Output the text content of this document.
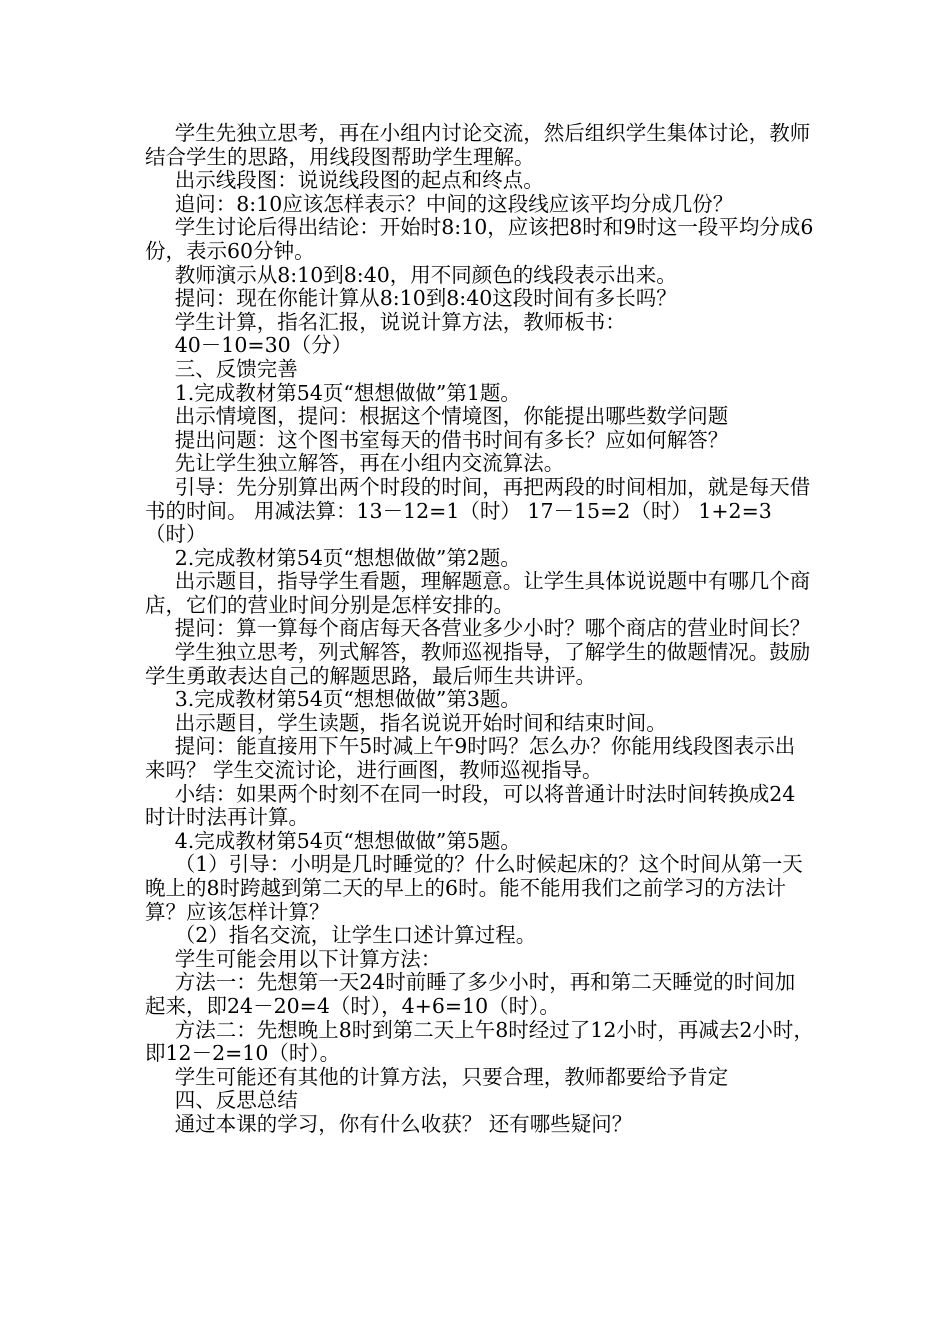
学生先独立思考，再在小组内讨论交流，然后组织学生集体讨论，教师结合学生的思路，用线段图帮助学生理解。

出示线段图：说说线段图的起点和终点。

追问：8:10应该怎样表示？中间的这段线应该平均分成几份？

学生讨论后得出结论：开始时8:10，应该把8时和9时这一段平均分成6份，表示60分钟。

教师演示从8:10到8:40，用不同颜色的线段表示出来。

提问：现在你能计算从8:10到8:40这段时间有多长吗？

学生计算，指名汇报，说说计算方法，教师板书：

40－10=30（分）

三、反馈完善

1.完成教材第54页“想想做做”第1题。

出示情境图，提问：根据这个情境图，你能提出哪些数学问题

提出问题：这个图书室每天的借书时间有多长？应如何解答？

先让学生独立解答，再在小组内交流算法。

引导：先分别算出两个时段的时间，再把两段的时间相加，就是每天借书的时间。 用减法算：13－12=1（时） 17－15=2（时） 1+2=3（时）

2.完成教材第54页“想想做做”第2题。

出示题目，指导学生看题，理解题意。让学生具体说说题中有哪几个商店，它们的营业时间分别是怎样安排的。

提问：算一算每个商店每天各营业多少小时？哪个商店的营业时间长？

学生独立思考，列式解答，教师巡视指导，了解学生的做题情况。鼓励学生勇敢表达自己的解题思路，最后师生共讲评。

3.完成教材第54页“想想做做”第3题。

出示题目，学生读题，指名说说开始时间和结束时间。

提问：能直接用下午5时减上午9时吗？怎么办？你能用线段图表示出来吗？ 学生交流讨论，进行画图，教师巡视指导。

小结：如果两个时刻不在同一时段，可以将普通计时法时间转换成24时计时法再计算。

4.完成教材第54页“想想做做”第5题。

（1）引导：小明是几时睡觉的？什么时候起床的？这个时间从第一天晚上的8时跨越到第二天的早上的6时。能不能用我们之前学习的方法计算？应该怎样计算？

（2）指名交流，让学生口述计算过程。

学生可能会用以下计算方法：

方法一：先想第一天24时前睡了多少小时，再和第二天睡觉的时间加起来，即24－20=4（时），4+6=10（时）。

方法二：先想晚上8时到第二天上午8时经过了12小时，再减去2小时，即12－2=10（时）。

学生可能还有其他的计算方法，只要合理，教师都要给予肯定

四、反思总结

通过本课的学习，你有什么收获？ 还有哪些疑问？
